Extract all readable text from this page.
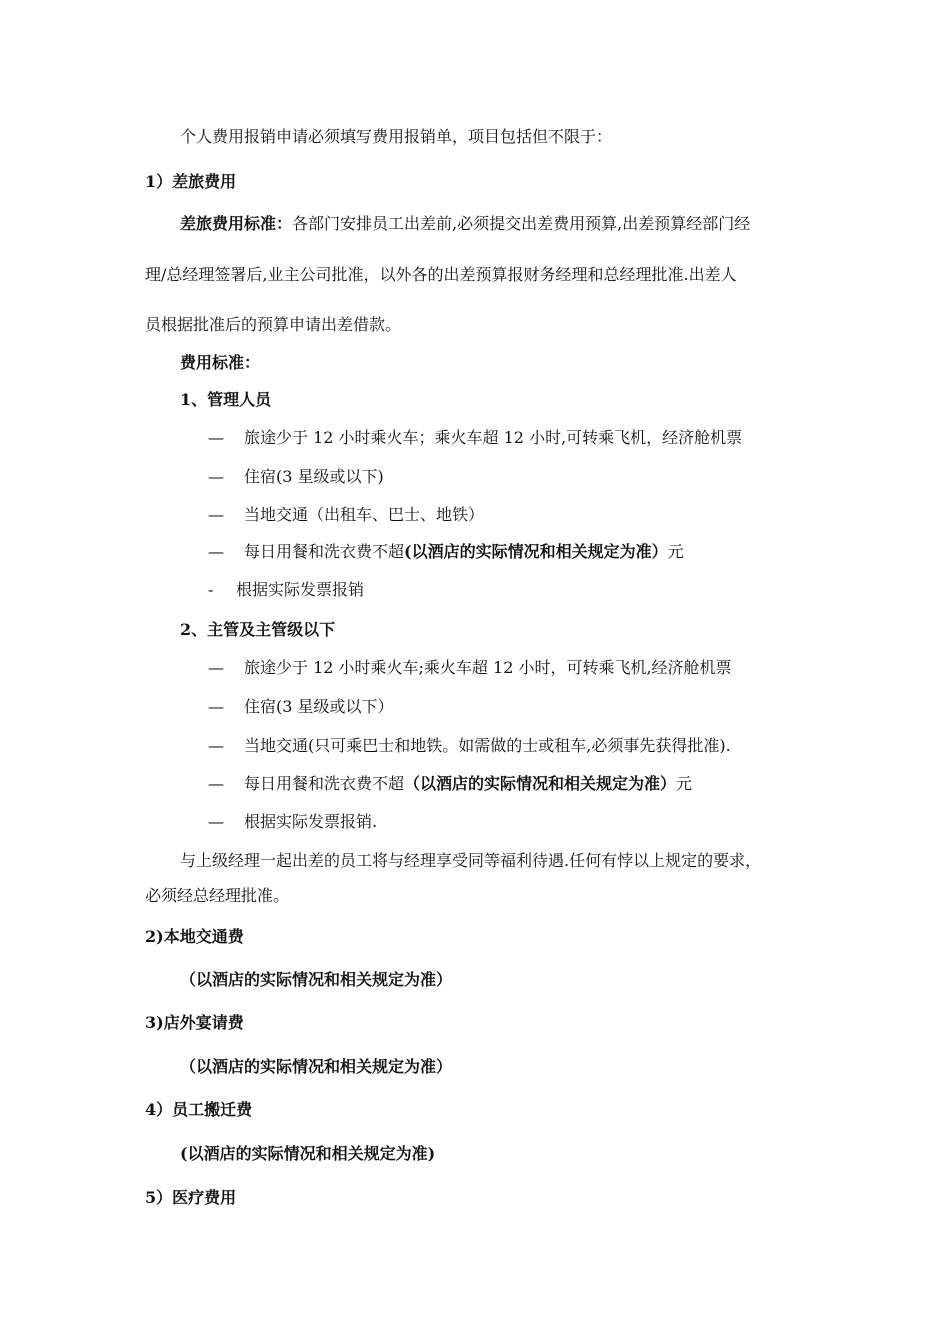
个人费用报销申请必须填写费用报销单，项目包括但不限于：
1）差旅费用
差旅费用标准：各部门安排员工出差前,必须提交出差费用预算,出差预算经部门经
理/总经理签署后,业主公司批准，以外各的出差预算报财务经理和总经理批准.出差人
员根据批准后的预算申请出差借款。
费用标准：
1、管理人员
— 旅途少于 12 小时乘火车；乘火车超 12 小时,可转乘飞机，经济舱机票
— 住宿(3 星级或以下)
— 当地交通（出租车、巴士、地铁）
— 每日用餐和洗衣费不超(以酒店的实际情况和相关规定为准）元
- 根据实际发票报销
2、主管及主管级以下
— 旅途少于 12 小时乘火车;乘火车超 12 小时，可转乘飞机,经济舱机票
— 住宿(3 星级或以下）
— 当地交通(只可乘巴士和地铁。如需做的士或租车,必须事先获得批准).
— 每日用餐和洗衣费不超（以酒店的实际情况和相关规定为准）元
— 根据实际发票报销.
与上级经理一起出差的员工将与经理享受同等福利待遇.任何有悖以上规定的要求，
必须经总经理批准。
2)本地交通费
（以酒店的实际情况和相关规定为准）
3)店外宴请费
（以酒店的实际情况和相关规定为准）
4）员工搬迁费
(以酒店的实际情况和相关规定为准)
5）医疗费用
